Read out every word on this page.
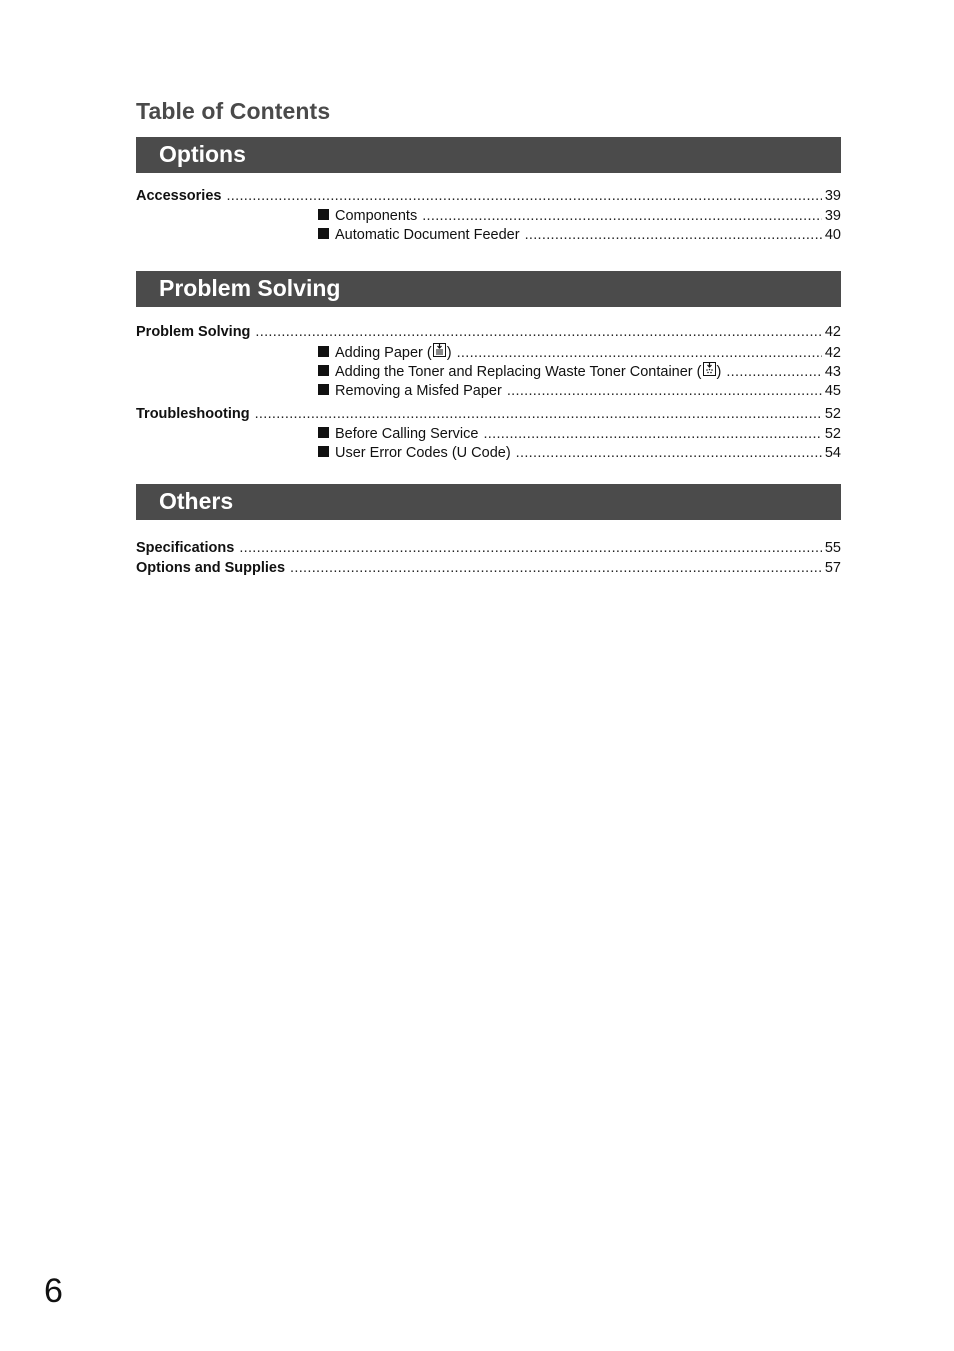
Table of Contents
Options
Accessories .....	39
Components .....	39
Automatic Document Feeder .....	40
Problem Solving
Problem Solving .....	42
Adding Paper ( ) .....	42
Adding the Toner and Replacing Waste Toner Container ( ) .....	43
Removing a Misfed Paper .....	45
Troubleshooting .....	52
Before Calling Service .....	52
User Error Codes (U Code) .....	54
Others
Specifications .....	55
Options and Supplies .....	57
6
